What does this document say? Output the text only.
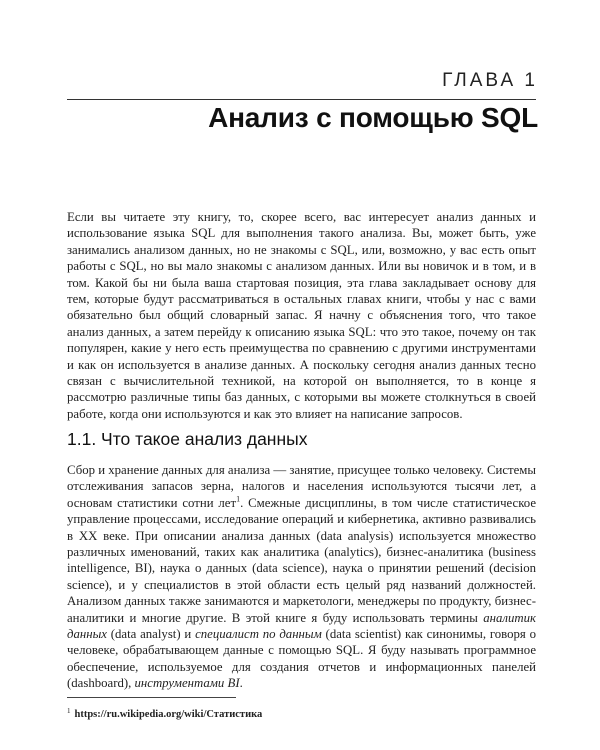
ГЛАВА 1
Анализ с помощью SQL

Если вы читаете эту книгу, то, скорее всего, вас интересует анализ данных и использование языка SQL для выполнения такого анализа. Вы, может быть, уже занимались анализом данных, но не знакомы с SQL, или, возможно, у вас есть опыт работы с SQL, но вы мало знакомы с анализом данных. Или вы новичок и в том, и в том. Какой бы ни была ваша стартовая позиция, эта глава закладывает основу для тем, которые будут рассматриваться в остальных главах книги, чтобы у нас с вами обязательно был общий словарный запас. Я начну с объяснения того, что такое анализ данных, а затем перейду к описанию языка SQL: что это такое, почему он так популярен, какие у него есть преимущества по сравнению с другими инструментами и как он используется в анализе данных. А поскольку сегодня анализ данных тесно связан с вычислительной техникой, на которой он выполняется, то в конце я рассмотрю различные типы баз данных, с которыми вы можете столкнуться в своей работе, когда они используются и как это влияет на написание запросов.

1.1. Что такое анализ данных

Сбор и хранение данных для анализа — занятие, присущее только человеку. Системы отслеживания запасов зерна, налогов и населения используются тысячи лет, а основам статистики сотни лет$^1$. Смежные дисциплины, в том числе статистическое управление процессами, исследование операций и кибернетика, активно развивались в XX веке. При описании анализа данных (data analysis) используется множество различных именований, таких как аналитика (analytics), бизнес-аналитика (business intelligence, BI), наука о данных (data science), наука о принятии решений (decision science), и у специалистов в этой области есть целый ряд названий должностей. Анализом данных также занимаются и маркетологи, менеджеры по продукту, бизнес-аналитики и многие другие. В этой книге я буду использовать термины аналитик данных (data analyst) и специалист по данным (data scientist) как синонимы, говоря о человеке, обрабатывающем данные с помощью SQL. Я буду называть программное обеспечение, используемое для создания отчетов и информационных панелей (dashboard), инструментами BI.

$^1$ https://ru.wikipedia.org/wiki/Статистика
